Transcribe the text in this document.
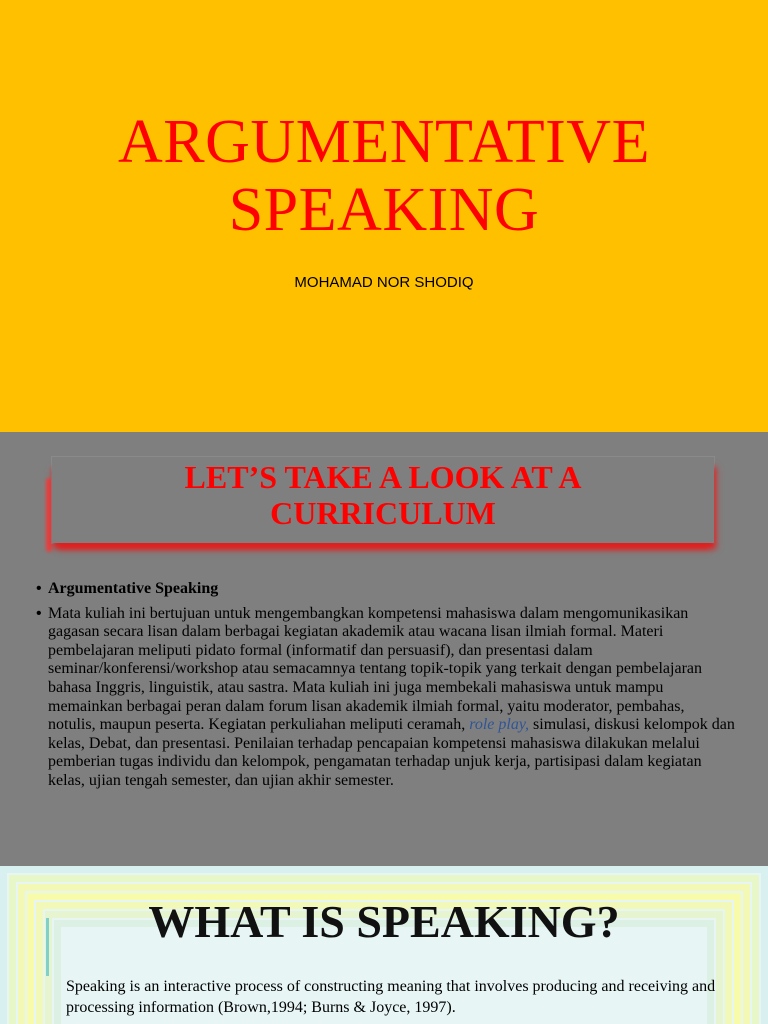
ARGUMENTATIVE
SPEAKING
MOHAMAD NOR SHODIQ
LET’S TAKE A LOOK AT A
CURRICULUM
• Argumentative Speaking
• Mata kuliah ini bertujuan untuk mengembangkan kompetensi mahasiswa dalam mengomunikasikan gagasan secara lisan dalam berbagai kegiatan akademik atau wacana lisan ilmiah formal. Materi pembelajaran meliputi pidato formal (informatif dan persuasif), dan presentasi dalam seminar/konferensi/workshop atau semacamnya tentang topik-topik yang terkait dengan pembelajaran bahasa Inggris, linguistik, atau sastra. Mata kuliah ini juga membekali mahasiswa untuk mampu memainkan berbagai peran dalam forum lisan akademik ilmiah formal, yaitu moderator, pembahas, notulis, maupun peserta. Kegiatan perkuliahan meliputi ceramah, role play, simulasi, diskusi kelompok dan kelas, Debat, dan presentasi. Penilaian terhadap pencapaian kompetensi mahasiswa dilakukan melalui pemberian tugas individu dan kelompok, pengamatan terhadap unjuk kerja, partisipasi dalam kegiatan kelas, ujian tengah semester, dan ujian akhir semester.
WHAT IS SPEAKING?
Speaking is an interactive process of constructing meaning that involves producing and receiving and processing information (Brown,1994; Burns & Joyce, 1997).
